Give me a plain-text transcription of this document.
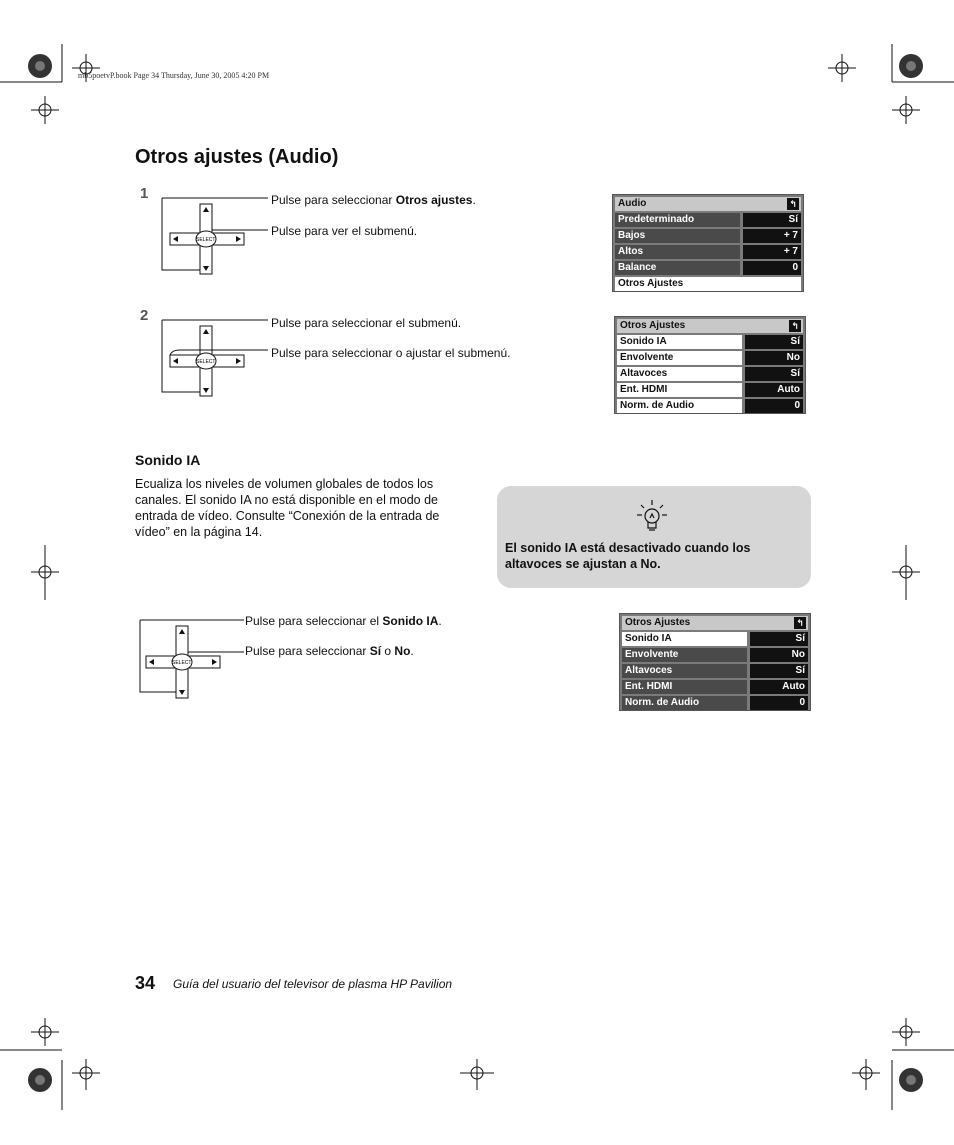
mb5poetvP.book Page 34 Thursday, June 30, 2005 4:20 PM
Otros ajustes (Audio)
1
SELECT
Pulse para seleccionar Otros ajustes.
Pulse para ver el submenú.
Audio	↰
Predeterminado	Sí
Bajos	+ 7
Altos	+ 7
Balance	0
Otros Ajustes
2
SELECT
Pulse para seleccionar el submenú.
Pulse para seleccionar o ajustar el submenú.
Otros Ajustes	↰
Sonido IA	Sí
Envolvente	No
Altavoces	Sí
Ent. HDMI	Auto
Norm. de Audio	0
Sonido IA
Ecualiza los niveles de volumen globales de todos los canales. El sonido IA no está disponible en el modo de entrada de vídeo. Consulte “Conexión de la entrada de vídeo” en la página 14.
El sonido IA está desactivado cuando los altavoces se ajustan a No.
SELECT
Pulse para seleccionar el Sonido IA.
Pulse para seleccionar Sí o No.
Otros Ajustes	↰
Sonido IA	Sí
Envolvente	No
Altavoces	Sí
Ent. HDMI	Auto
Norm. de Audio	0
34 Guía del usuario del televisor de plasma HP Pavilion
